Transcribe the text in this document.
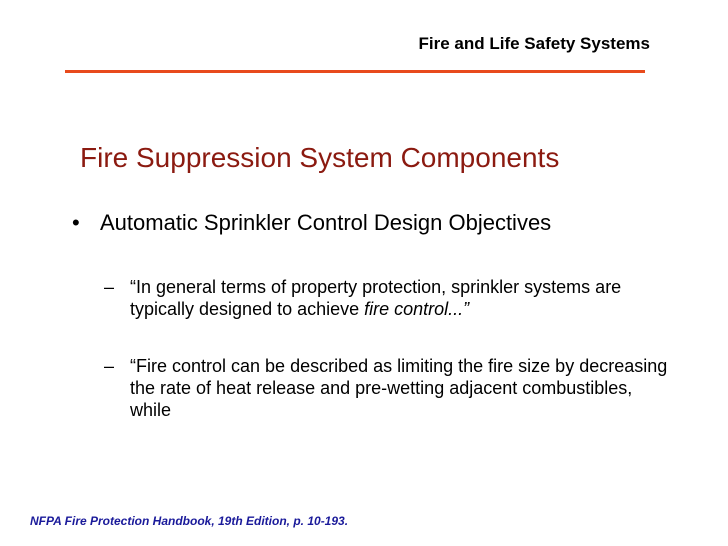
Fire and Life Safety Systems
Fire Suppression System Components
• Automatic Sprinkler Control Design Objectives
– “In general terms of property protection, sprinkler systems are typically designed to achieve fire control...”
– “Fire control can be described as limiting the fire size by decreasing the rate of heat release and pre-wetting adjacent combustibles, while
NFPA Fire Protection Handbook, 19th Edition, p. 10-193.
